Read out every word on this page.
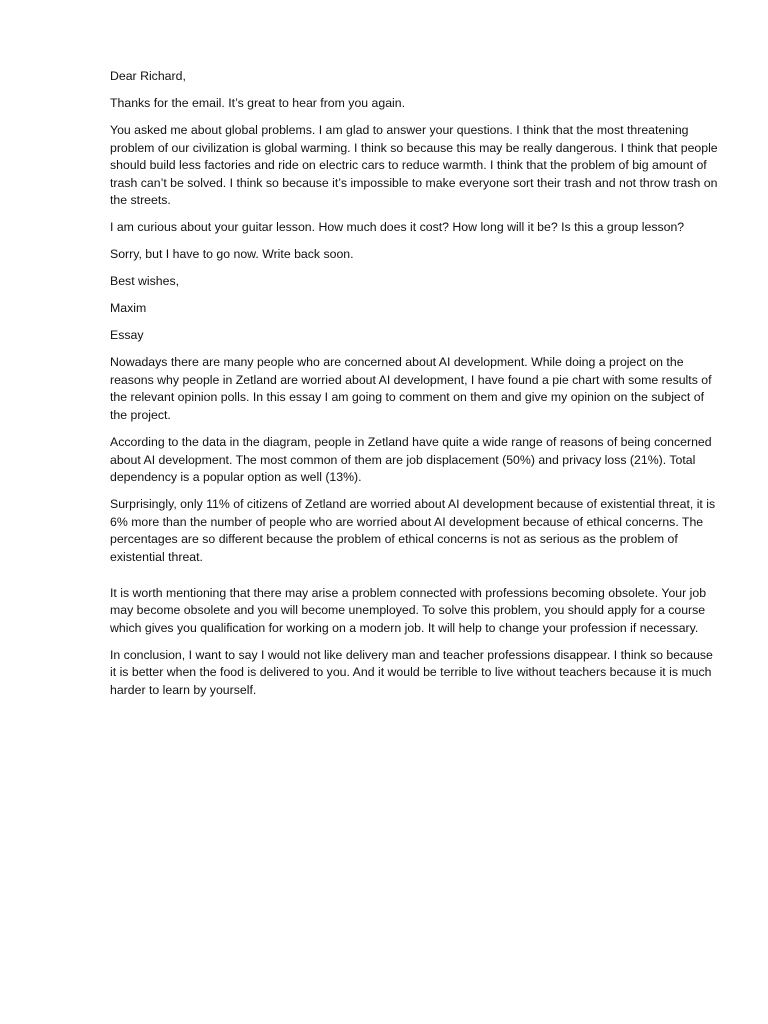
Dear Richard,

Thanks for the email. It’s great to hear from you again.

You asked me about global problems. I am glad to answer your questions. I think that the most threatening problem of our civilization is global warming. I think so because this may be really dangerous. I think that people should build less factories and ride on electric cars to reduce warmth. I think that the problem of big amount of trash can’t be solved. I think so because it’s impossible to make everyone sort their trash and not throw trash on the streets.

I am curious about your guitar lesson. How much does it cost? How long will it be? Is this a group lesson?

Sorry, but I have to go now. Write back soon.

Best wishes,

Maxim

Essay

Nowadays there are many people who are concerned about AI development. While doing a project on the reasons why people in Zetland are worried about AI development, I have found a pie chart with some results of the relevant opinion polls. In this essay I am going to comment on them and give my opinion on the subject of the project.

According to the data in the diagram, people in Zetland have quite a wide range of reasons of being concerned about AI development. The most common of them are job displacement (50%) and privacy loss (21%). Total dependency is a popular option as well (13%).

Surprisingly, only 11% of citizens of Zetland are worried about AI development because of existential threat, it is 6% more than the number of people who are worried about AI development because of ethical concerns. The percentages are so different because the problem of ethical concerns is not as serious as the problem of existential threat.

It is worth mentioning that there may arise a problem connected with professions becoming obsolete. Your job may become obsolete and you will become unemployed. To solve this problem, you should apply for a course which gives you qualification for working on a modern job. It will help to change your profession if necessary.

In conclusion, I want to say I would not like delivery man and teacher professions disappear. I think so because it is better when the food is delivered to you. And it would be terrible to live without teachers because it is much harder to learn by yourself.
